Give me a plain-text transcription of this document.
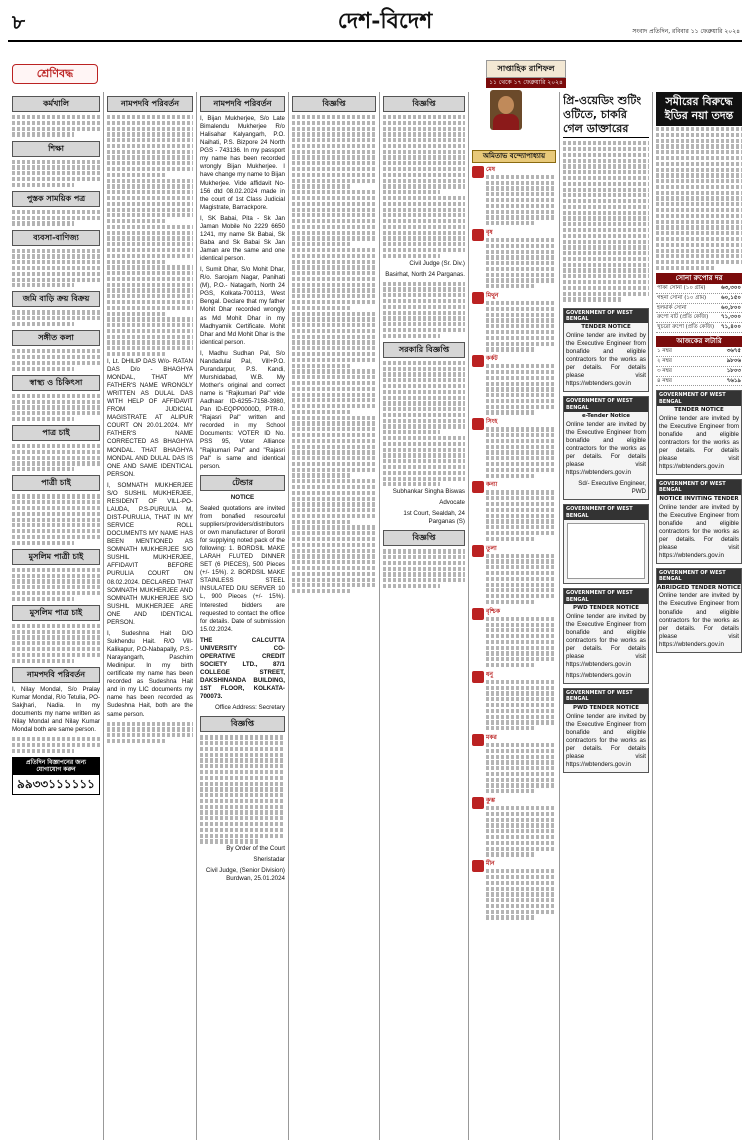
৮	দেশ-বিদেশ	সংবাদ প্রতিদিন, রবিবার ১১ ফেব্রুয়ারি ২০২৪
শ্রেণিবদ্ধ
কর্মখালি
শিক্ষা
পুস্তক সাময়িক পত্র
ব্যবসা-বাণিজ্য
জমি বাড়ি ক্রয় বিক্রয়
সঙ্গীত কলা
স্বাস্থ্য ও চিকিৎসা
পাত্র চাই
পাত্রী চাই
মুসলিম পাত্রী চাই
মুসলিম পাত্র চাই
নামপদবি পরিবর্তন
I, Nilay Mondal, S/o Pralay Kumar Mondal, R/o Tetulia, PO-Sakjhari, Nadia. In my documents my name written as Nilay Mondal and Nilay Kumar Mondal both are same person.
প্রতিদিন বিজ্ঞাপনের জন্য যোগাযোগ করুন
৯৯৩৩১১১১১১
নামপদবি পরিবর্তন
I, Lt. DHILIP DAS W/o- RATAN DAS D/o - BHAGHYA MONDAL, THAT MY FATHER'S NAME WRONGLY WRITTEN AS DULAL DAS WITH HELP OF AFFIDAVIT FROM JUDICIAL MAGISTRATE AT ALIPUR COURT ON 20.01.2024. MY FATHER'S NAME CORRECTED AS BHAGHYA MONDAL. THAT BHAGHYA MONDAL AND DULAL DAS IS ONE AND SAME IDENTICAL PERSON.
I, SOMNATH MUKHERJEE S/O SUSHIL MUKHERJEE, RESIDENT OF VILL-PO-LAUDA, P.S-PURULIA M, DIST-PURULIA, THAT IN MY SERVICE ROLL DOCUMENTS MY NAME HAS BEEN MENTIONED AS SOMNATH MUKHERJEE S/O SUSHIL MUKHERJEE, AFFIDAVIT BEFORE PURULIA COURT ON 08.02.2024. DECLARED THAT SOMNATH MUKHERJEE AND SOMNATH MUKHERJEE S/O SUSHIL MUKHERJEE ARE ONE AND IDENTICAL PERSON.
I, Sudeshna Hait D/O Sukhendu Hait. R/O Vill-Kalikapur, P.O-Nabapally, P.S.-Narayangarh, Paschim Medinipur. In my birth certificate my name has been recorded as Sudeshna Hait and in my LIC documents my name has been recorded as Sudeshna Hait, both are the same person.
নামপদবি পরিবর্তন
I, Bijan Mukherjee, S/o Late Bimalendu Mukherjee R/o Halisahar Kalyangarh, P.O. Naihati, P.S. Bizpore 24 North PGS - 743136. In my passport my name has been recorded wrongly Bijan Mukherjee. I have change my name to Bijan Mukherjee. Vide affidavit No-156 dtd 08.02.2024 made in the court of 1st Class Judicial Magistrate, Barrackpore.
I, SK Babai, Pita - Sk Jan Jaman Mobile No 2229 6650 1241, my name Sk Babai, Sk Baba and Sk Babai Sk Jan Jaman are the same and one identical person.
I, Sumit Dhar, S/o Mohit Dhar, R/o. Sarojam Nagar, Panihati (M), P.O.- Natagarh, North 24 PGS, Kolkata-700113, West Bengal. Declare that my father Mohit Dhar recorded wrongly as Md Mohit Dhar in my Madhyamik Certificate. Mohit Dhar and Md Mohit Dhar is the identical person.
I, Madhu Sudhan Pal, S/o Nandadulal Pal, Vill+P.O. Purandarpur, P.S. Kandi, Murshidabad, W.B. My Mother's original and correct name is "Rajkumari Pal" vide Aadhaar ID-6255-7158-3980, Pan ID-EQPP0000D, PTR-0. "Rajasri Pal" written and recorded in my School Documents: VOTER ID No. PSS 95, Voter Alliance "Rajkumari Pal" and "Rajasri Pal" is same and identical person.
টেন্ডার
NOTICE
Sealed quotations are invited from bonafied resourceful suppliers/providers/distributors or own manufacturer of Bororil for supplying noted pack of the following: 1. BORDSIL MAKE LARAH FLUTED DINNER SET (6 PIECES), 500 Pieces (+/- 15%). 2. BORDSIL MAKE STAINLESS STEEL INSULATED DIU SERVER 10 L, 900 Pieces (+/- 15%). Interested bidders are requested to contact the office for details. Date of submission 15.02.2024.
THE CALCUTTA UNIVERSITY CO-OPERATIVE CREDIT SOCIETY LTD., 87/1 COLLEGE STREET, DAKSHINANDA BUILDING, 1ST FLOOR, KOLKATA-700073.
Office Address: Secretary
বিজ্ঞপ্তি
By Order of the Court
Sheristadar
Civil Judge, (Senior Division) Burdwan, 25.01.2024
বিজ্ঞপ্তি	বিজ্ঞপ্তি
Civil Judge (Sr. Div.)
Basirhat, North 24 Parganas.
সরকারি বিজ্ঞপ্তি
Subhankar Singha Biswas
Advocate
1st Court, Sealdah, 24 Parganas (S)
বিজ্ঞপ্তি
সাপ্তাহিক রাশিফল
১১ থেকে ১৭ ফেব্রুয়ারি ২০২৪
অমিতাভ বন্দ্যোপাধ্যায়
মেষ
বৃষ
মিথুন
কর্কট
সিংহ
কন্যা
তুলা
বৃশ্চিক
ধনু
মকর
কুম্ভ
মীন
প্রি-ওয়েডিং শুটিং ওটিতে, চাকরি গেল ডাক্তারের
GOVERNMENT OF WEST BENGAL
TENDER NOTICE
Online tender are invited by the Executive Engineer from bonafide and eligible contractors for the works as per details. For details please visit https://wbtenders.gov.in
GOVERNMENT OF WEST BENGAL
e-Tender Notice
Online tender are invited by the Executive Engineer from bonafide and eligible contractors for the works as per details. For details please visit https://wbtenders.gov.in
Sd/- Executive Engineer, PWD
GOVERNMENT OF WEST BENGAL
GOVERNMENT OF WEST BENGAL
PWD TENDER NOTICE
Online tender are invited by the Executive Engineer from bonafide and eligible contractors for the works as per details. For details please visit https://wbtenders.gov.in
https://wbtenders.gov.in
GOVERNMENT OF WEST BENGAL
PWD TENDER NOTICE
Online tender are invited by the Executive Engineer from bonafide and eligible contractors for the works as per details. For details please visit https://wbtenders.gov.in
সমীরের বিরুদ্ধে ইডির নয়া তদন্ত
সোনা রুপোর দর
পাকা সোনা (১০ গ্রাম)	৬৩,৩০০
গহনা সোনা (১০ গ্রাম)	৬০,১৫০
হলমার্ক সোনা	৬০,৮০০
রুপো বাট (প্রতি কেজি) ৭১,৩০০
খুচরো রুপো (প্রতি কেজি) ৭১,৪০০
আজকের লটারি
১ নম্বর	৩৬৭৫
২ নম্বর	৯৮০৬
৩ নম্বর	১৮০৩
৪ নম্বর	৭৬১৯
GOVERNMENT OF WEST BENGAL
TENDER NOTICE
Online tender are invited by the Executive Engineer from bonafide and eligible contractors for the works as per details. For details please visit https://wbtenders.gov.in
GOVERNMENT OF WEST BENGAL
NOTICE INVITING TENDER
Online tender are invited by the Executive Engineer from bonafide and eligible contractors for the works as per details. For details please visit https://wbtenders.gov.in
GOVERNMENT OF WEST BENGAL
ABRIDGED TENDER NOTICE
Online tender are invited by the Executive Engineer from bonafide and eligible contractors for the works as per details. For details please visit https://wbtenders.gov.in
